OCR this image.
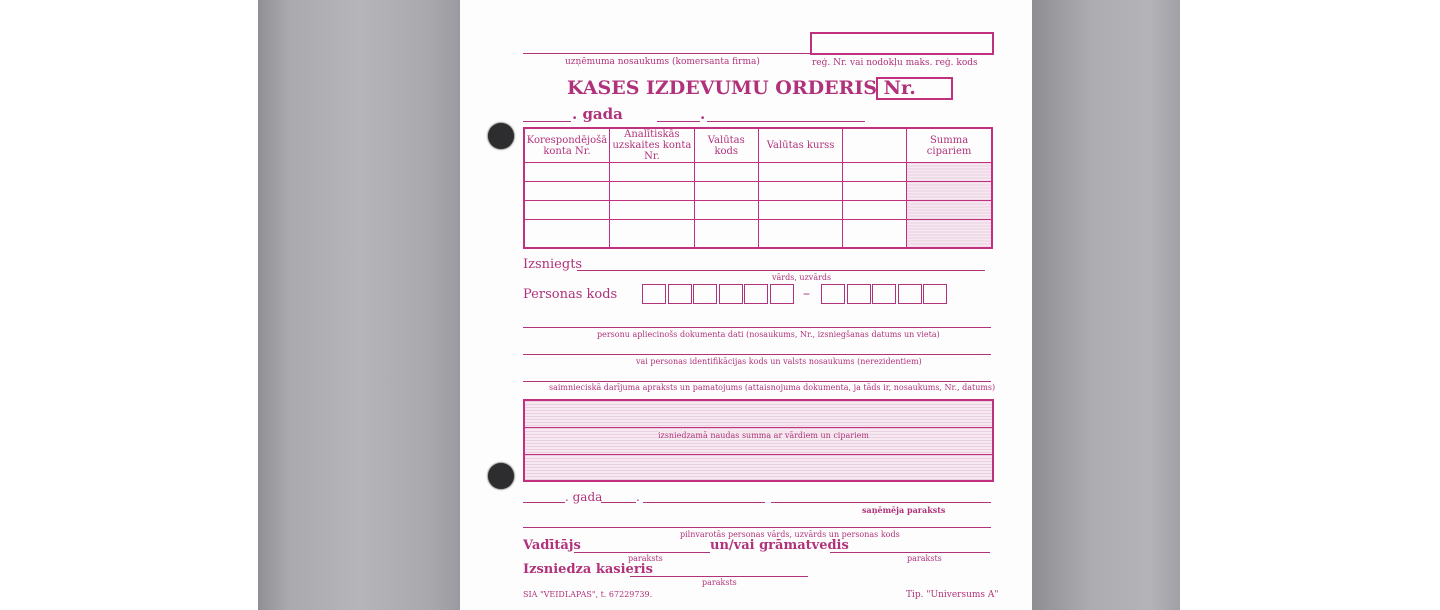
uzņēmuma nosaukums (komersanta firma)	reģ. Nr. vai nodokļu maks. reģ. kods
KASES IZDEVUMU ORDERIS Nr.
. gada	.
Korespondējošā konta Nr.	Analītiskās uzskaites konta Nr.	Valūtas kods	Valūtas kurss		Summa cipariem

Izsniegts
vārds, uzvārds
Personas kods	–
personu apliecinošs dokumenta dati (nosaukums, Nr., izsniegšanas datums un vieta)
vai personas identifikācijas kods un valsts nosaukums (nerezidentiem)
saimnieciskā darījuma apraksts un pamatojums (attaisnojuma dokumenta, ja tāds ir, nosaukums, Nr., datums)
izsniedzamā naudas summa ar vārdiem un cipariem
. gada	.
saņēmēja paraksts
pilnvarotās personas vārds, uzvārds un personas kods
Vadītājs
paraksts
un/vai grāmatvedis
paraksts
Izsniedza kasieris
paraksts
SIA "VEIDLAPAS", t. 67229739.	Tip. "Universums A"
